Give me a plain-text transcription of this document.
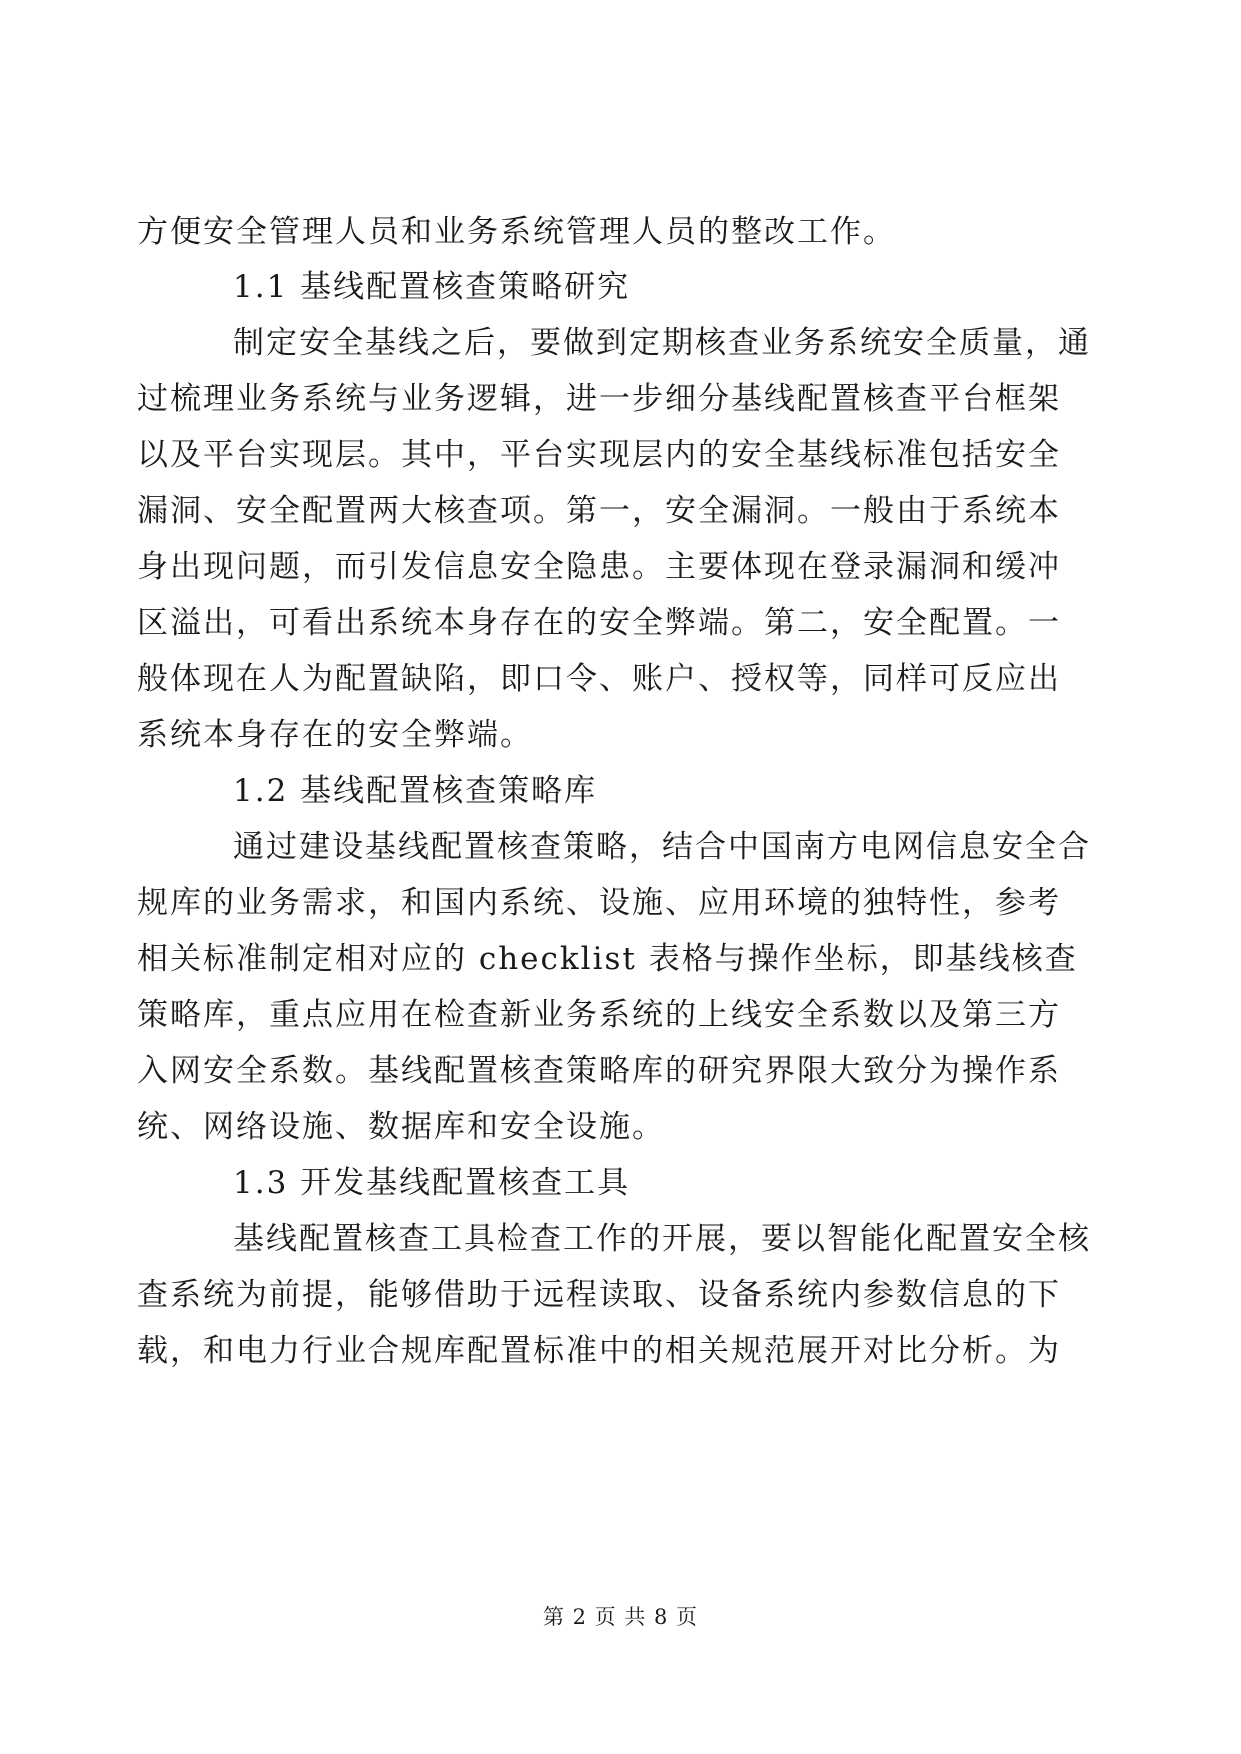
方便安全管理人员和业务系统管理人员的整改工作。
1.1 基线配置核查策略研究
制定安全基线之后，要做到定期核查业务系统安全质量，通
过梳理业务系统与业务逻辑，进一步细分基线配置核查平台框架
以及平台实现层。其中，平台实现层内的安全基线标准包括安全
漏洞、安全配置两大核查项。第一，安全漏洞。一般由于系统本
身出现问题，而引发信息安全隐患。主要体现在登录漏洞和缓冲
区溢出，可看出系统本身存在的安全弊端。第二，安全配置。一
般体现在人为配置缺陷，即口令、账户、授权等，同样可反应出
系统本身存在的安全弊端。
1.2 基线配置核查策略库
通过建设基线配置核查策略，结合中国南方电网信息安全合
规库的业务需求，和国内系统、设施、应用环境的独特性，参考
相关标准制定相对应的 checklist 表格与操作坐标，即基线核查
策略库，重点应用在检查新业务系统的上线安全系数以及第三方
入网安全系数。基线配置核查策略库的研究界限大致分为操作系
统、网络设施、数据库和安全设施。
1.3 开发基线配置核查工具
基线配置核查工具检查工作的开展，要以智能化配置安全核
查系统为前提，能够借助于远程读取、设备系统内参数信息的下
载，和电力行业合规库配置标准中的相关规范展开对比分析。为
第 2 页 共 8 页
